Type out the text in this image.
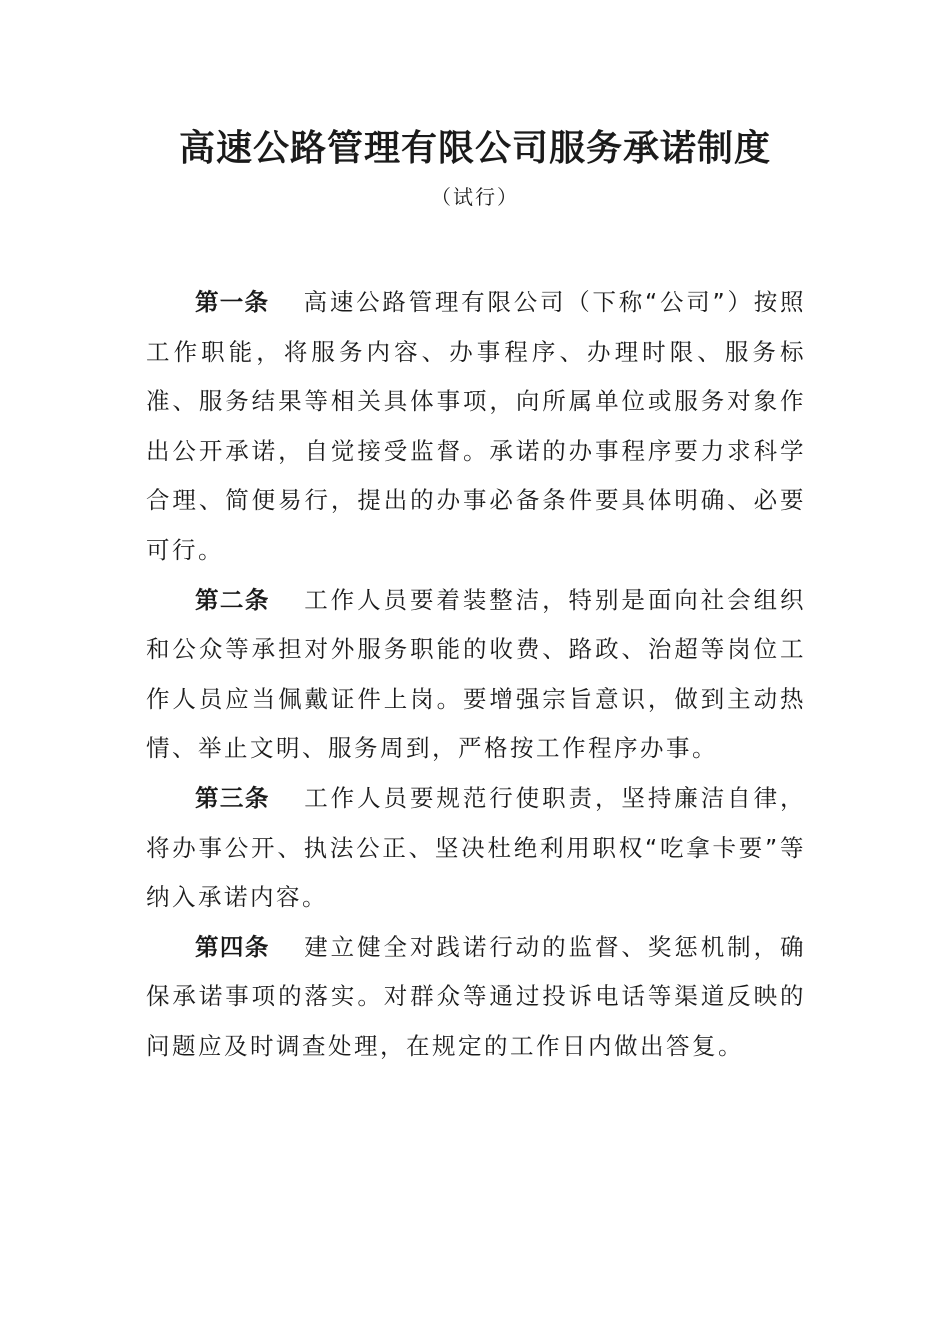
高速公路管理有限公司服务承诺制度
（试行）

第一条 高速公路管理有限公司（下称“公司”）按照工作职能，将服务内容、办事程序、办理时限、服务标准、服务结果等相关具体事项，向所属单位或服务对象作出公开承诺，自觉接受监督。承诺的办事程序要力求科学合理、简便易行，提出的办事必备条件要具体明确、必要可行。

第二条 工作人员要着装整洁，特别是面向社会组织和公众等承担对外服务职能的收费、路政、治超等岗位工作人员应当佩戴证件上岗。要增强宗旨意识，做到主动热情、举止文明、服务周到，严格按工作程序办事。

第三条 工作人员要规范行使职责，坚持廉洁自律，将办事公开、执法公正、坚决杜绝利用职权“吃拿卡要”等纳入承诺内容。

第四条 建立健全对践诺行动的监督、奖惩机制，确保承诺事项的落实。对群众等通过投诉电话等渠道反映的问题应及时调查处理，在规定的工作日内做出答复。
